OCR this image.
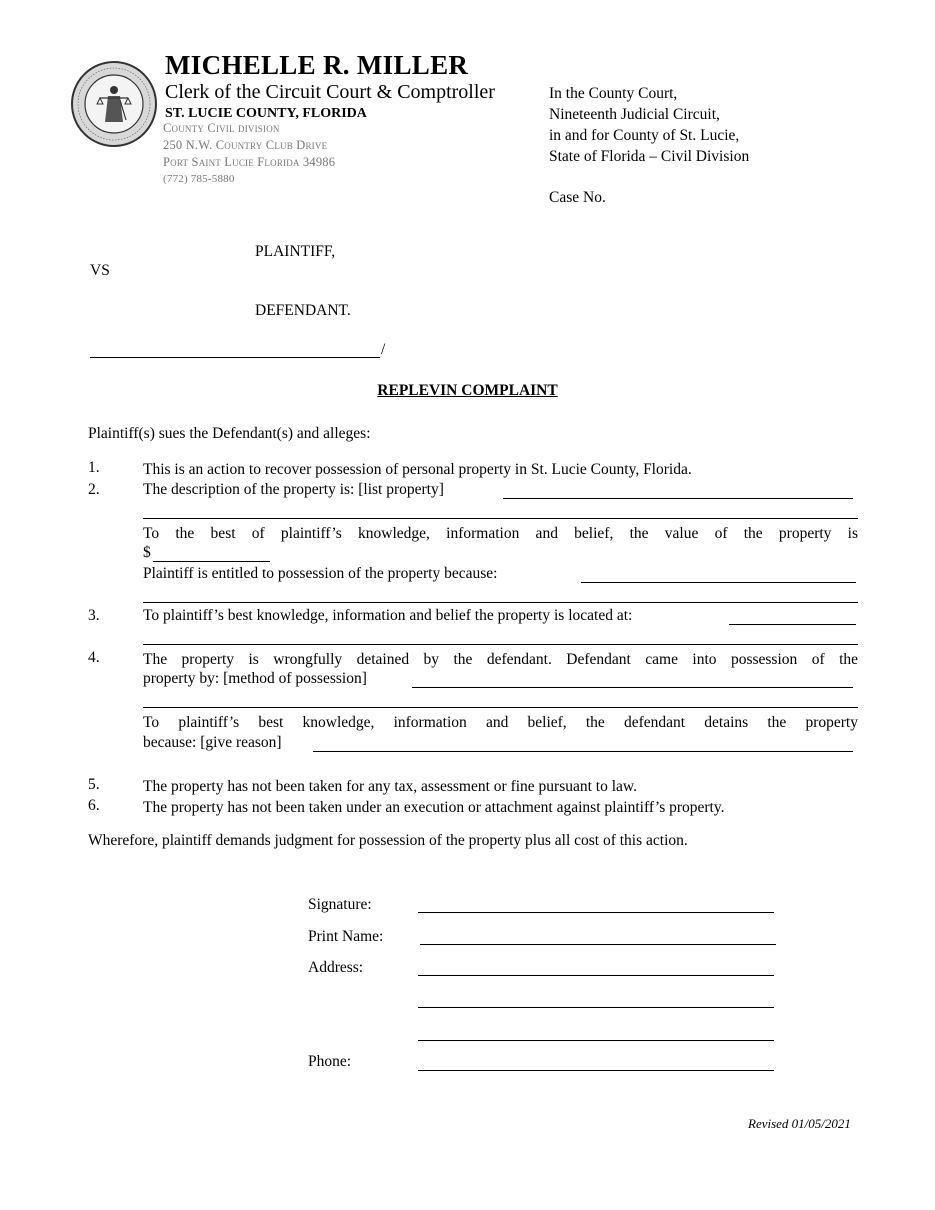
MICHELLE R. MILLER
Clerk of the Circuit Court & Comptroller
ST. LUCIE COUNTY, FLORIDA
County Civil division
250 N.W. Country Club Drive
Port Saint Lucie Florida 34986
(772) 785-5880
In the County Court,
Nineteenth Judicial Circuit,
in and for County of St. Lucie,
State of Florida – Civil Division
Case No.
PLAINTIFF,
VS
DEFENDANT.
/
REPLEVIN COMPLAINT
Plaintiff(s) sues the Defendant(s) and alleges:
1.	This is an action to recover possession of personal property in St. Lucie County, Florida.
2.	The description of the property is: [list property]
To the best of plaintiff’s knowledge, information and belief, the value of the property is
$
Plaintiff is entitled to possession of the property because:
3.	To plaintiff’s best knowledge, information and belief the property is located at:
4.	The property is wrongfully detained by the defendant. Defendant came into possession of the
property by: [method of possession]
To plaintiff’s best knowledge, information and belief, the defendant detains the property
because: [give reason]
5.	The property has not been taken for any tax, assessment or fine pursuant to law.
6.	The property has not been taken under an execution or attachment against plaintiff’s property.
Wherefore, plaintiff demands judgment for possession of the property plus all cost of this action.
Signature:
Print Name:
Address:
Phone:
Revised 01/05/2021
